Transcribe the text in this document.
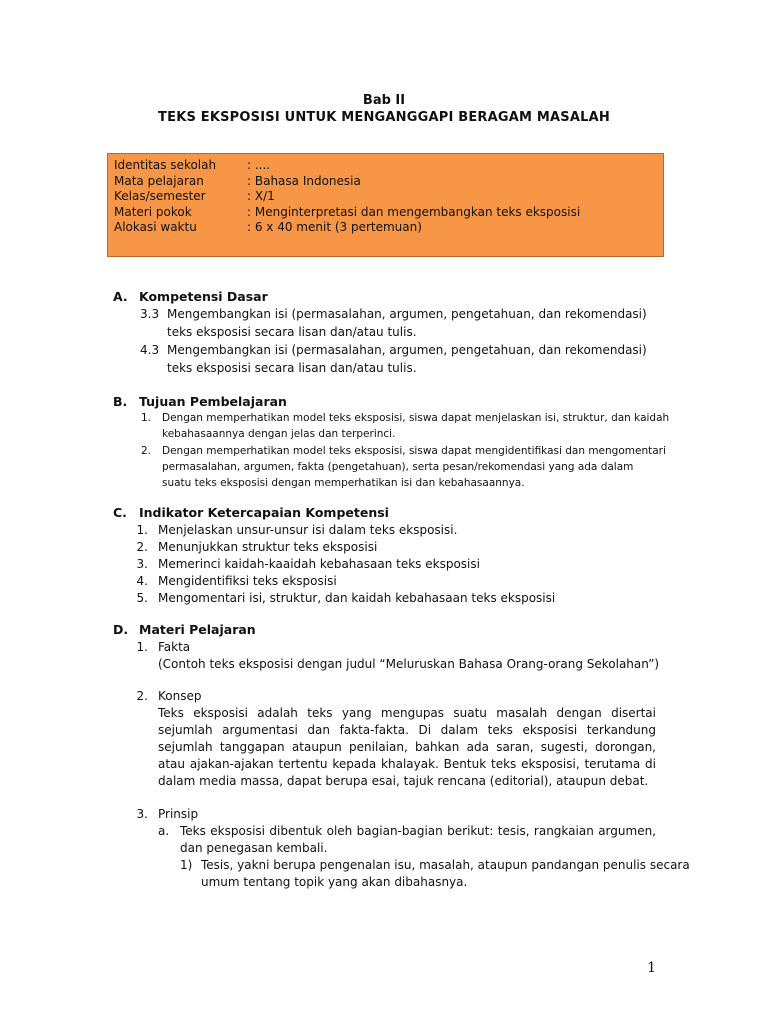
Bab II
TEKS EKSPOSISI UNTUK MENGANGGAPI BERAGAM MASALAH
Identitas sekolah	: ....
Mata pelajaran	: Bahasa Indonesia
Kelas/semester	: X/1
Materi pokok	: Menginterpretasi dan mengembangkan teks eksposisi
Alokasi waktu	: 6 x 40 menit (3 pertemuan)
A. Kompetensi Dasar
3.3 Mengembangkan isi (permasalahan, argumen, pengetahuan, dan rekomendasi)
teks eksposisi secara lisan dan/atau tulis.
4.3 Mengembangkan isi (permasalahan, argumen, pengetahuan, dan rekomendasi)
teks eksposisi secara lisan dan/atau tulis.
B. Tujuan Pembelajaran
1. Dengan memperhatikan model teks eksposisi, siswa dapat menjelaskan isi, struktur, dan kaidah
kebahasaannya dengan jelas dan terperinci.
2. Dengan memperhatikan model teks eksposisi, siswa dapat mengidentifikasi dan mengomentari
permasalahan, argumen, fakta (pengetahuan), serta pesan/rekomendasi yang ada dalam
suatu teks eksposisi dengan memperhatikan isi dan kebahasaannya.
C. Indikator Ketercapaian Kompetensi
1. Menjelaskan unsur-unsur isi dalam teks eksposisi.
2. Menunjukkan struktur teks eksposisi
3. Memerinci kaidah-kaaidah kebahasaan teks eksposisi
4. Mengidentifiksi teks eksposisi
5. Mengomentari isi, struktur, dan kaidah kebahasaan teks eksposisi
D. Materi Pelajaran
1. Fakta
(Contoh teks eksposisi dengan judul “Meluruskan Bahasa Orang-orang Sekolahan”)
2. Konsep
Teks eksposisi adalah teks yang mengupas suatu masalah dengan disertai sejumlah argumentasi dan fakta-fakta. Di dalam teks eksposisi terkandung sejumlah tanggapan ataupun penilaian, bahkan ada saran, sugesti, dorongan, atau ajakan-ajakan tertentu kepada khalayak. Bentuk teks eksposisi, terutama di dalam media massa, dapat berupa esai, tajuk rencana (editorial), ataupun debat.
3. Prinsip
a. Teks eksposisi dibentuk oleh bagian-bagian berikut: tesis, rangkaian argumen, dan penegasan kembali.
1) Tesis, yakni berupa pengenalan isu, masalah, ataupun pandangan penulis secara
umum tentang topik yang akan dibahasnya.
1
